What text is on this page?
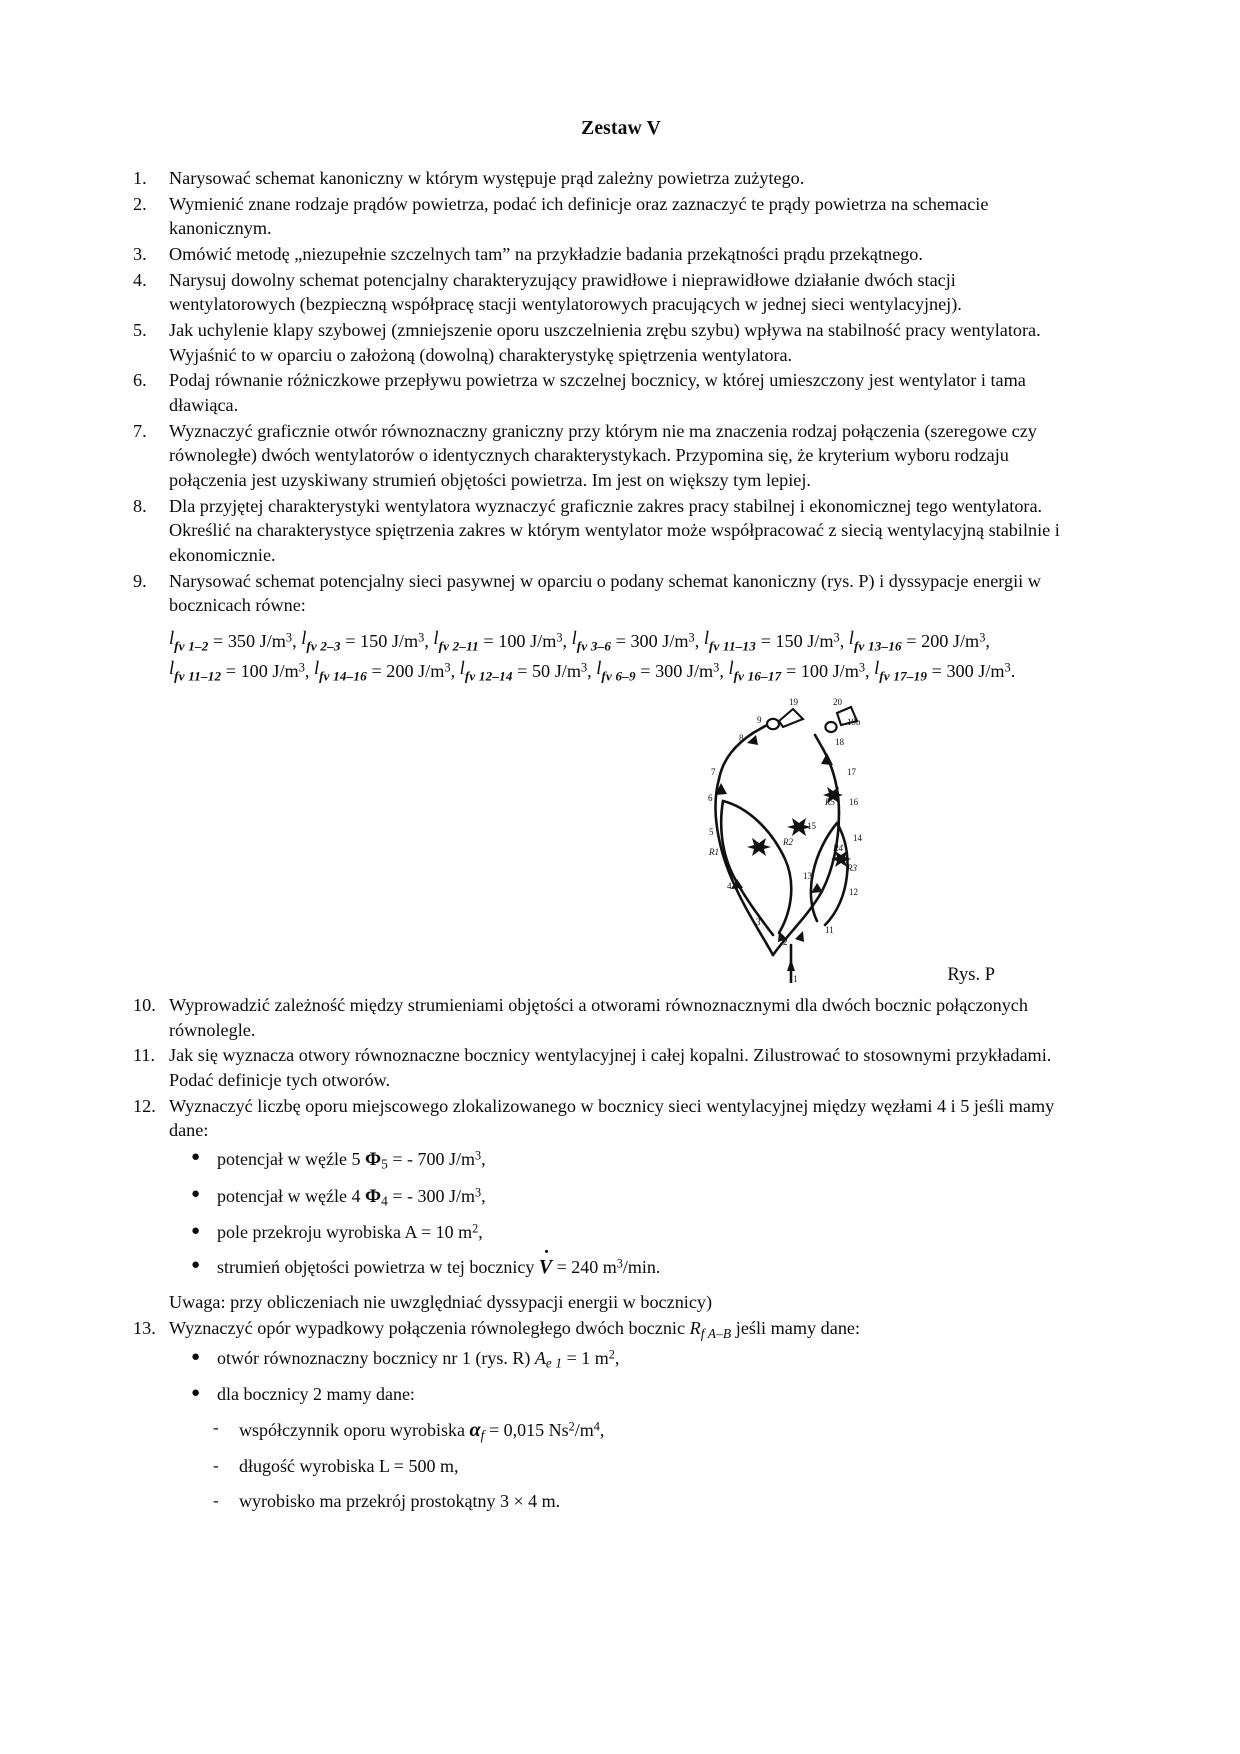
Zestaw V
1.	Narysować schemat kanoniczny w którym występuje prąd zależny powietrza zużytego.
2.	Wymienić znane rodzaje prądów powietrza, podać ich definicje oraz zaznaczyć te prądy powietrza na schemacie kanonicznym.
3.	Omówić metodę „niezupełnie szczelnych tam” na przykładzie badania przekątności prądu przekątnego.
4.	Narysuj dowolny schemat potencjalny charakteryzujący prawidłowe i nieprawidłowe działanie dwóch stacji wentylatorowych (bezpieczną współpracę stacji wentylatorowych pracujących w jednej sieci wentylacyjnej).
5.	Jak uchylenie klapy szybowej (zmniejszenie oporu uszczelnienia zrębu szybu) wpływa na stabilność pracy wentylatora. Wyjaśnić to w oparciu o założoną (dowolną) charakterystykę spiętrzenia wentylatora.
6.	Podaj równanie różniczkowe przepływu powietrza w szczelnej bocznicy, w której umieszczony jest wentylator i tama dławiąca.
7.	Wyznaczyć graficznie otwór równoznaczny graniczny przy którym nie ma znaczenia rodzaj połączenia (szeregowe czy równoległe) dwóch wentylatorów o identycznych charakterystykach. Przypomina się, że kryterium wyboru rodzaju połączenia jest uzyskiwany strumień objętości powietrza. Im jest on większy tym lepiej.
8.	Dla przyjętej charakterystyki wentylatora wyznaczyć graficznie zakres pracy stabilnej i ekonomicznej tego wentylatora. Określić na charakterystyce spiętrzenia zakres w którym wentylator może współpracować z siecią wentylacyjną stabilnie i ekonomicznie.
9.	Narysować schemat potencjalny sieci pasywnej w oparciu o podany schemat kanoniczny (rys. P) i dyssypacje energii w bocznicach równe:
lfv 1–2 = 350 $J/m^3$, lfv 2–3 = 150 $J/m^3$, lfv 2–11 = 100 $J/m^3$, lfv 3–6 = 300 $J/m^3$, lfv 11–13 = 150 $J/m^3$, lfv 13–16 = 200 $J/m^3$, lfv 11–12 = 100 $J/m^3$, lfv 14–16 = 200 $J/m^3$, lfv 12–14 = 50 $J/m^3$, lfv 6–9 = 300 $J/m^3$, lfv 16–17 = 100 $J/m^3$, lfv 17–19 = 300 $J/m^3$.
1
2
3
4
5
6
7
8
9
19
11
12
13
14
15
16
17
18
19b
20
R1
R2
R3
R4
R5
Rys. P
10. Wyprowadzić zależność między strumieniami objętości a otworami równoznacznymi dla dwóch bocznic połączonych równolegle.
11. Jak się wyznacza otwory równoznaczne bocznicy wentylacyjnej i całej kopalni. Zilustrować to stosownymi przykładami. Podać definicje tych otworów.
12. Wyznaczyć liczbę oporu miejscowego zlokalizowanego w bocznicy sieci wentylacyjnej między węzłami 4 i 5 jeśli mamy dane:
● potencjał w węźle 5 $\Phi_5$ = - 700 $J/m^3$,
● potencjał w węźle 4 $\Phi_4$ = - 300 $J/m^3$,
● pole przekroju wyrobiska A = 10 $m^2$,
● strumień objętości powietrza w tej bocznicy ˙ V = 240 $m^3/\min$.
Uwaga: przy obliczeniach nie uwzględniać dyssypacji energii w bocznicy)
13. Wyznaczyć opór wypadkowy połączenia równoległego dwóch bocznic $R_{f A-B}$ jeśli mamy dane:
● otwór równoznaczny bocznicy nr 1 (rys. R) $A_{e 1} = 1$ $m^2$,
● dla bocznicy 2 mamy dane:
- współczynnik oporu wyrobiska $\alpha_f = 0,015$ $Ns^2/m^4$,
- długość wyrobiska L = 500 m,
- wyrobisko ma przekrój prostokątny 3 × 4 m.
